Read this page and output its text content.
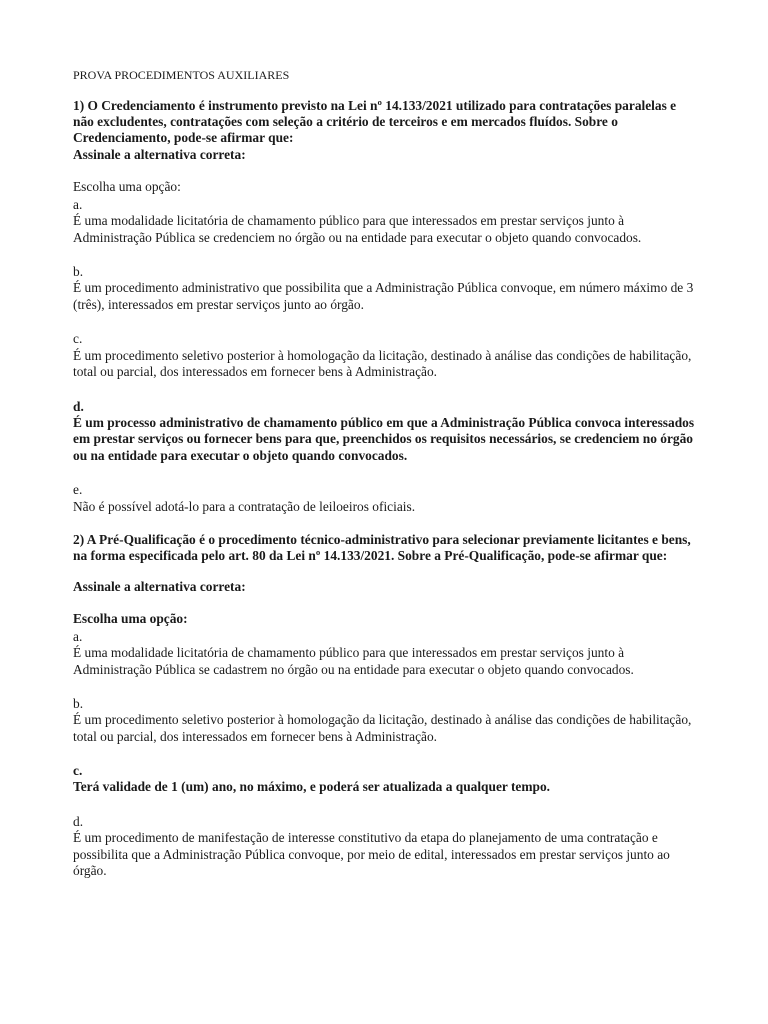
PROVA PROCEDIMENTOS AUXILIARES

1) O Credenciamento é instrumento previsto na Lei nº 14.133/2021 utilizado para contratações paralelas e não excludentes, contratações com seleção a critério de terceiros e em mercados fluídos. Sobre o Credenciamento, pode-se afirmar que:

Assinale a alternativa correta:

Escolha uma opção:

a.

É uma modalidade licitatória de chamamento público para que interessados em prestar serviços junto à Administração Pública se credenciem no órgão ou na entidade para executar o objeto quando convocados.

b.

É um procedimento administrativo que possibilita que a Administração Pública convoque, em número máximo de 3 (três), interessados em prestar serviços junto ao órgão.

c.

É um procedimento seletivo posterior à homologação da licitação, destinado à análise das condições de habilitação, total ou parcial, dos interessados em fornecer bens à Administração.

d.

É um processo administrativo de chamamento público em que a Administração Pública convoca interessados em prestar serviços ou fornecer bens para que, preenchidos os requisitos necessários, se credenciem no órgão ou na entidade para executar o objeto quando convocados.

e.

Não é possível adotá-lo para a contratação de leiloeiros oficiais.

2) A Pré-Qualificação é o procedimento técnico-administrativo para selecionar previamente licitantes e bens, na forma especificada pelo art. 80 da Lei nº 14.133/2021. Sobre a Pré-Qualificação, pode-se afirmar que:

Assinale a alternativa correta:

Escolha uma opção:

a.

É uma modalidade licitatória de chamamento público para que interessados em prestar serviços junto à Administração Pública se cadastrem no órgão ou na entidade para executar o objeto quando convocados.

b.

É um procedimento seletivo posterior à homologação da licitação, destinado à análise das condições de habilitação, total ou parcial, dos interessados em fornecer bens à Administração.

c.

Terá validade de 1 (um) ano, no máximo, e poderá ser atualizada a qualquer tempo.

d.

É um procedimento de manifestação de interesse constitutivo da etapa do planejamento de uma contratação e possibilita que a Administração Pública convoque, por meio de edital, interessados em prestar serviços junto ao órgão.
